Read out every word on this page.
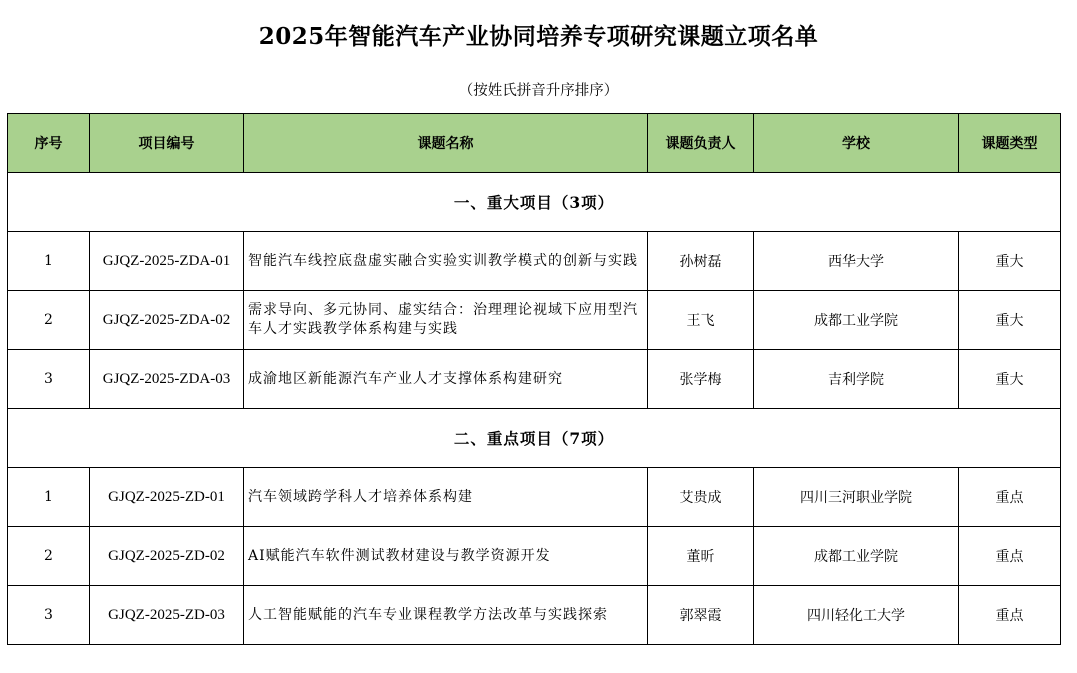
2025年智能汽车产业协同培养专项研究课题立项名单
（按姓氏拼音升序排序）
序号	项目编号	课题名称	课题负责人	学校	课题类型
一、重大项目（3项）					
1	GJQZ-2025-ZDA-01	智能汽车线控底盘虚实融合实验实训教学模式的创新与实践	孙树磊	西华大学	重大
2	GJQZ-2025-ZDA-02	需求导向、多元协同、虚实结合：治理理论视域下应用型汽车人才实践教学体系构建与实践	王飞	成都工业学院	重大
3	GJQZ-2025-ZDA-03	成渝地区新能源汽车产业人才支撑体系构建研究	张学梅	吉利学院	重大
二、重点项目（7项）					
1	GJQZ-2025-ZD-01	汽车领域跨学科人才培养体系构建	艾贵成	四川三河职业学院	重点
2	GJQZ-2025-ZD-02	AI赋能汽车软件测试教材建设与教学资源开发	董昕	成都工业学院	重点
3	GJQZ-2025-ZD-03	人工智能赋能的汽车专业课程教学方法改革与实践探索	郭翠霞	四川轻化工大学	重点
